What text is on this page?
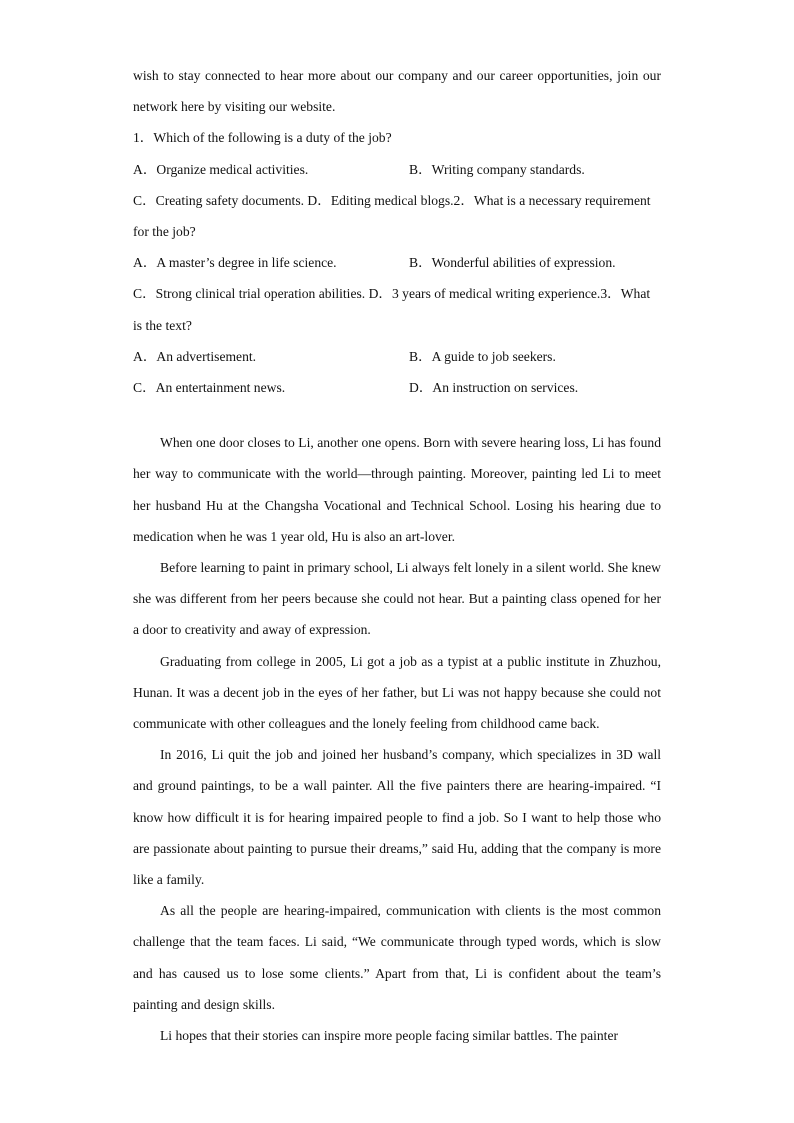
wish to stay connected to hear more about our company and our career opportunities, join our network here by visiting our website.

1．Which of the following is a duty of the job?

A．Organize medical activities.	B．Writing company standards.

C．Creating safety documents. D．Editing medical blogs.2．What is a necessary requirement for the job?

A．A master’s degree in life science.	B．Wonderful abilities of expression.

C．Strong clinical trial operation abilities. D．3 years of medical writing experience.3．What is the text?

A．An advertisement.	B．A guide to job seekers.
C．An entertainment news.	D．An instruction on services.

When one door closes to Li, another one opens. Born with severe hearing loss, Li has found her way to communicate with the world—through painting. Moreover, painting led Li to meet her husband Hu at the Changsha Vocational and Technical School. Losing his hearing due to medication when he was 1 year old, Hu is also an art-lover.

Before learning to paint in primary school, Li always felt lonely in a silent world. She knew she was different from her peers because she could not hear. But a painting class opened for her a door to creativity and away of expression.

Graduating from college in 2005, Li got a job as a typist at a public institute in Zhuzhou, Hunan. It was a decent job in the eyes of her father, but Li was not happy because she could not communicate with other colleagues and the lonely feeling from childhood came back.

In 2016, Li quit the job and joined her husband’s company, which specializes in 3D wall and ground paintings, to be a wall painter. All the five painters there are hearing-impaired. “I know how difficult it is for hearing impaired people to find a job. So I want to help those who are passionate about painting to pursue their dreams,” said Hu, adding that the company is more like a family.

As all the people are hearing-impaired, communication with clients is the most common challenge that the team faces. Li said, “We communicate through typed words, which is slow and has caused us to lose some clients.” Apart from that, Li is confident about the team’s painting and design skills.

Li hopes that their stories can inspire more people facing similar battles. The painter
